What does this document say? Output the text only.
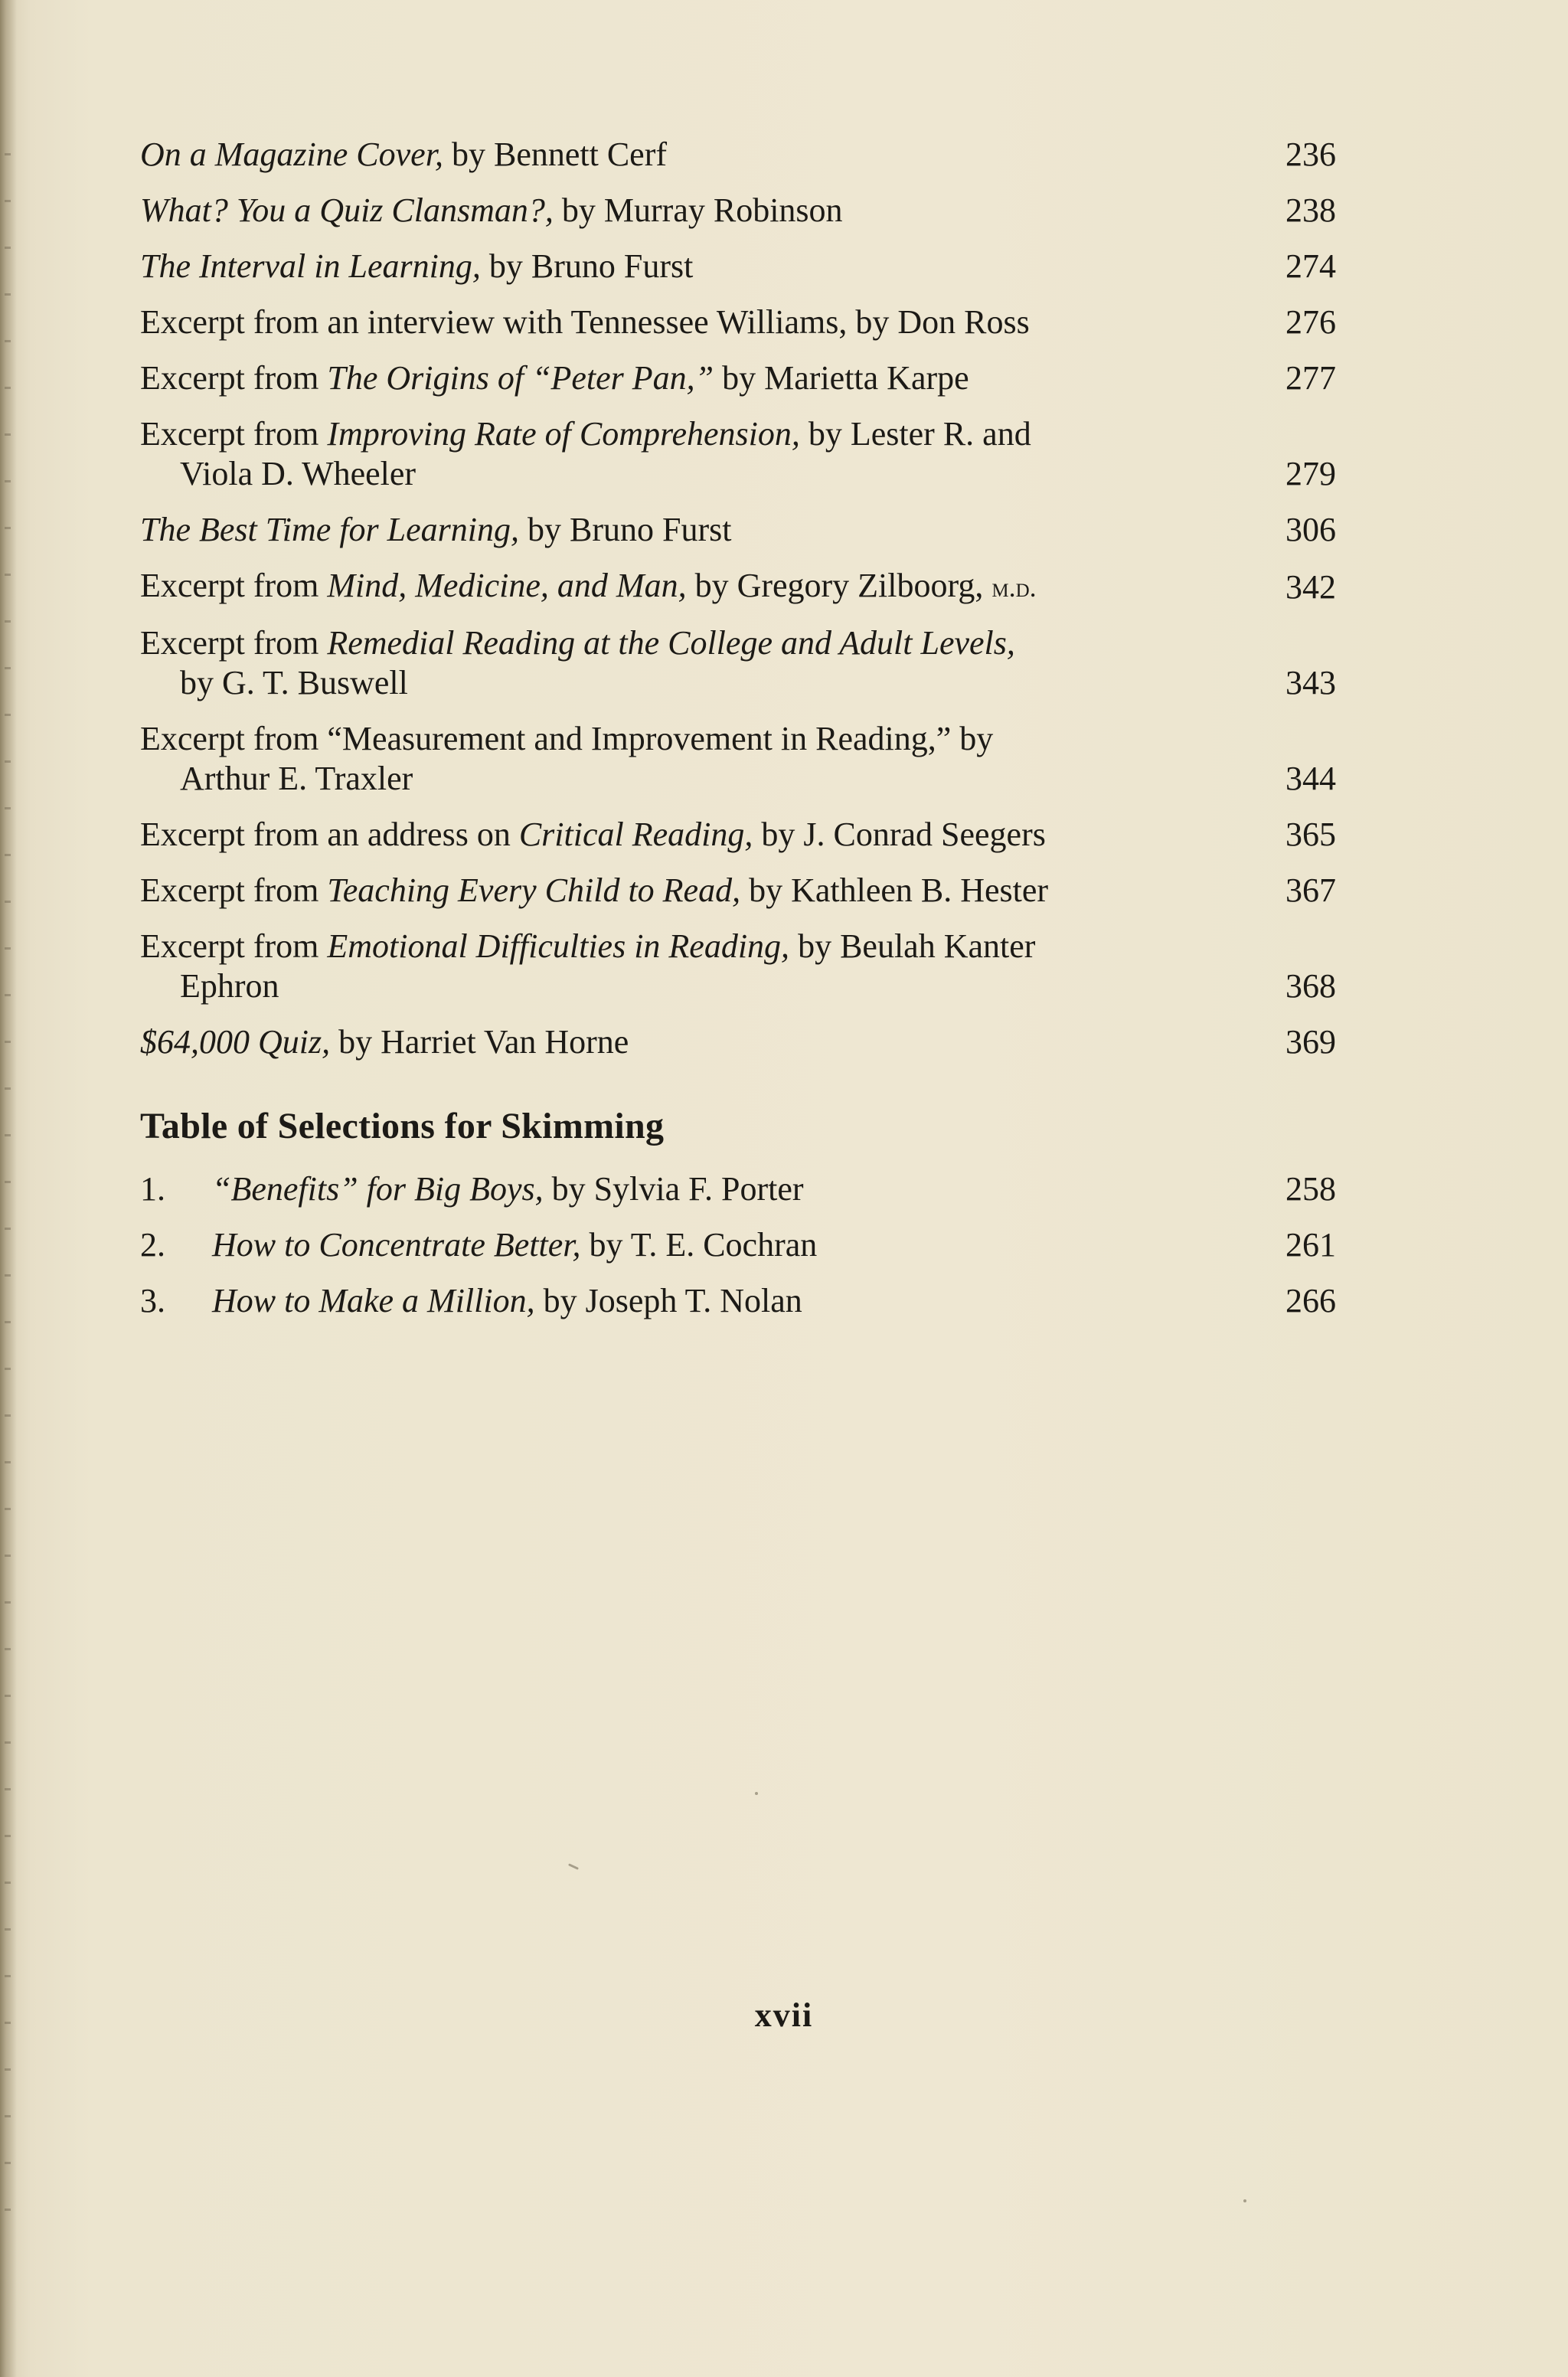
On a Magazine Cover, by Bennett Cerf	236
What? You a Quiz Clansman?, by Murray Robinson	238
The Interval in Learning, by Bruno Furst	274
Excerpt from an interview with Tennessee Williams, by Don Ross	276
Excerpt from The Origins of “Peter Pan,” by Marietta Karpe	277
Excerpt from Improving Rate of Comprehension, by Lester R. and
Viola D. Wheeler	279
The Best Time for Learning, by Bruno Furst	306
Excerpt from Mind, Medicine, and Man, by Gregory Zilboorg, m.d.	342
Excerpt from Remedial Reading at the College and Adult Levels,
by G. T. Buswell	343
Excerpt from “Measurement and Improvement in Reading,” by
Arthur E. Traxler	344
Excerpt from an address on Critical Reading, by J. Conrad Seegers	365
Excerpt from Teaching Every Child to Read, by Kathleen B. Hester	367
Excerpt from Emotional Difficulties in Reading, by Beulah Kanter
Ephron	368
$64,000 Quiz, by Harriet Van Horne	369
Table of Selections for Skimming
1.	“Benefits” for Big Boys, by Sylvia F. Porter	258
2.	How to Concentrate Better, by T. E. Cochran	261
3.	How to Make a Million, by Joseph T. Nolan	266
xvii
